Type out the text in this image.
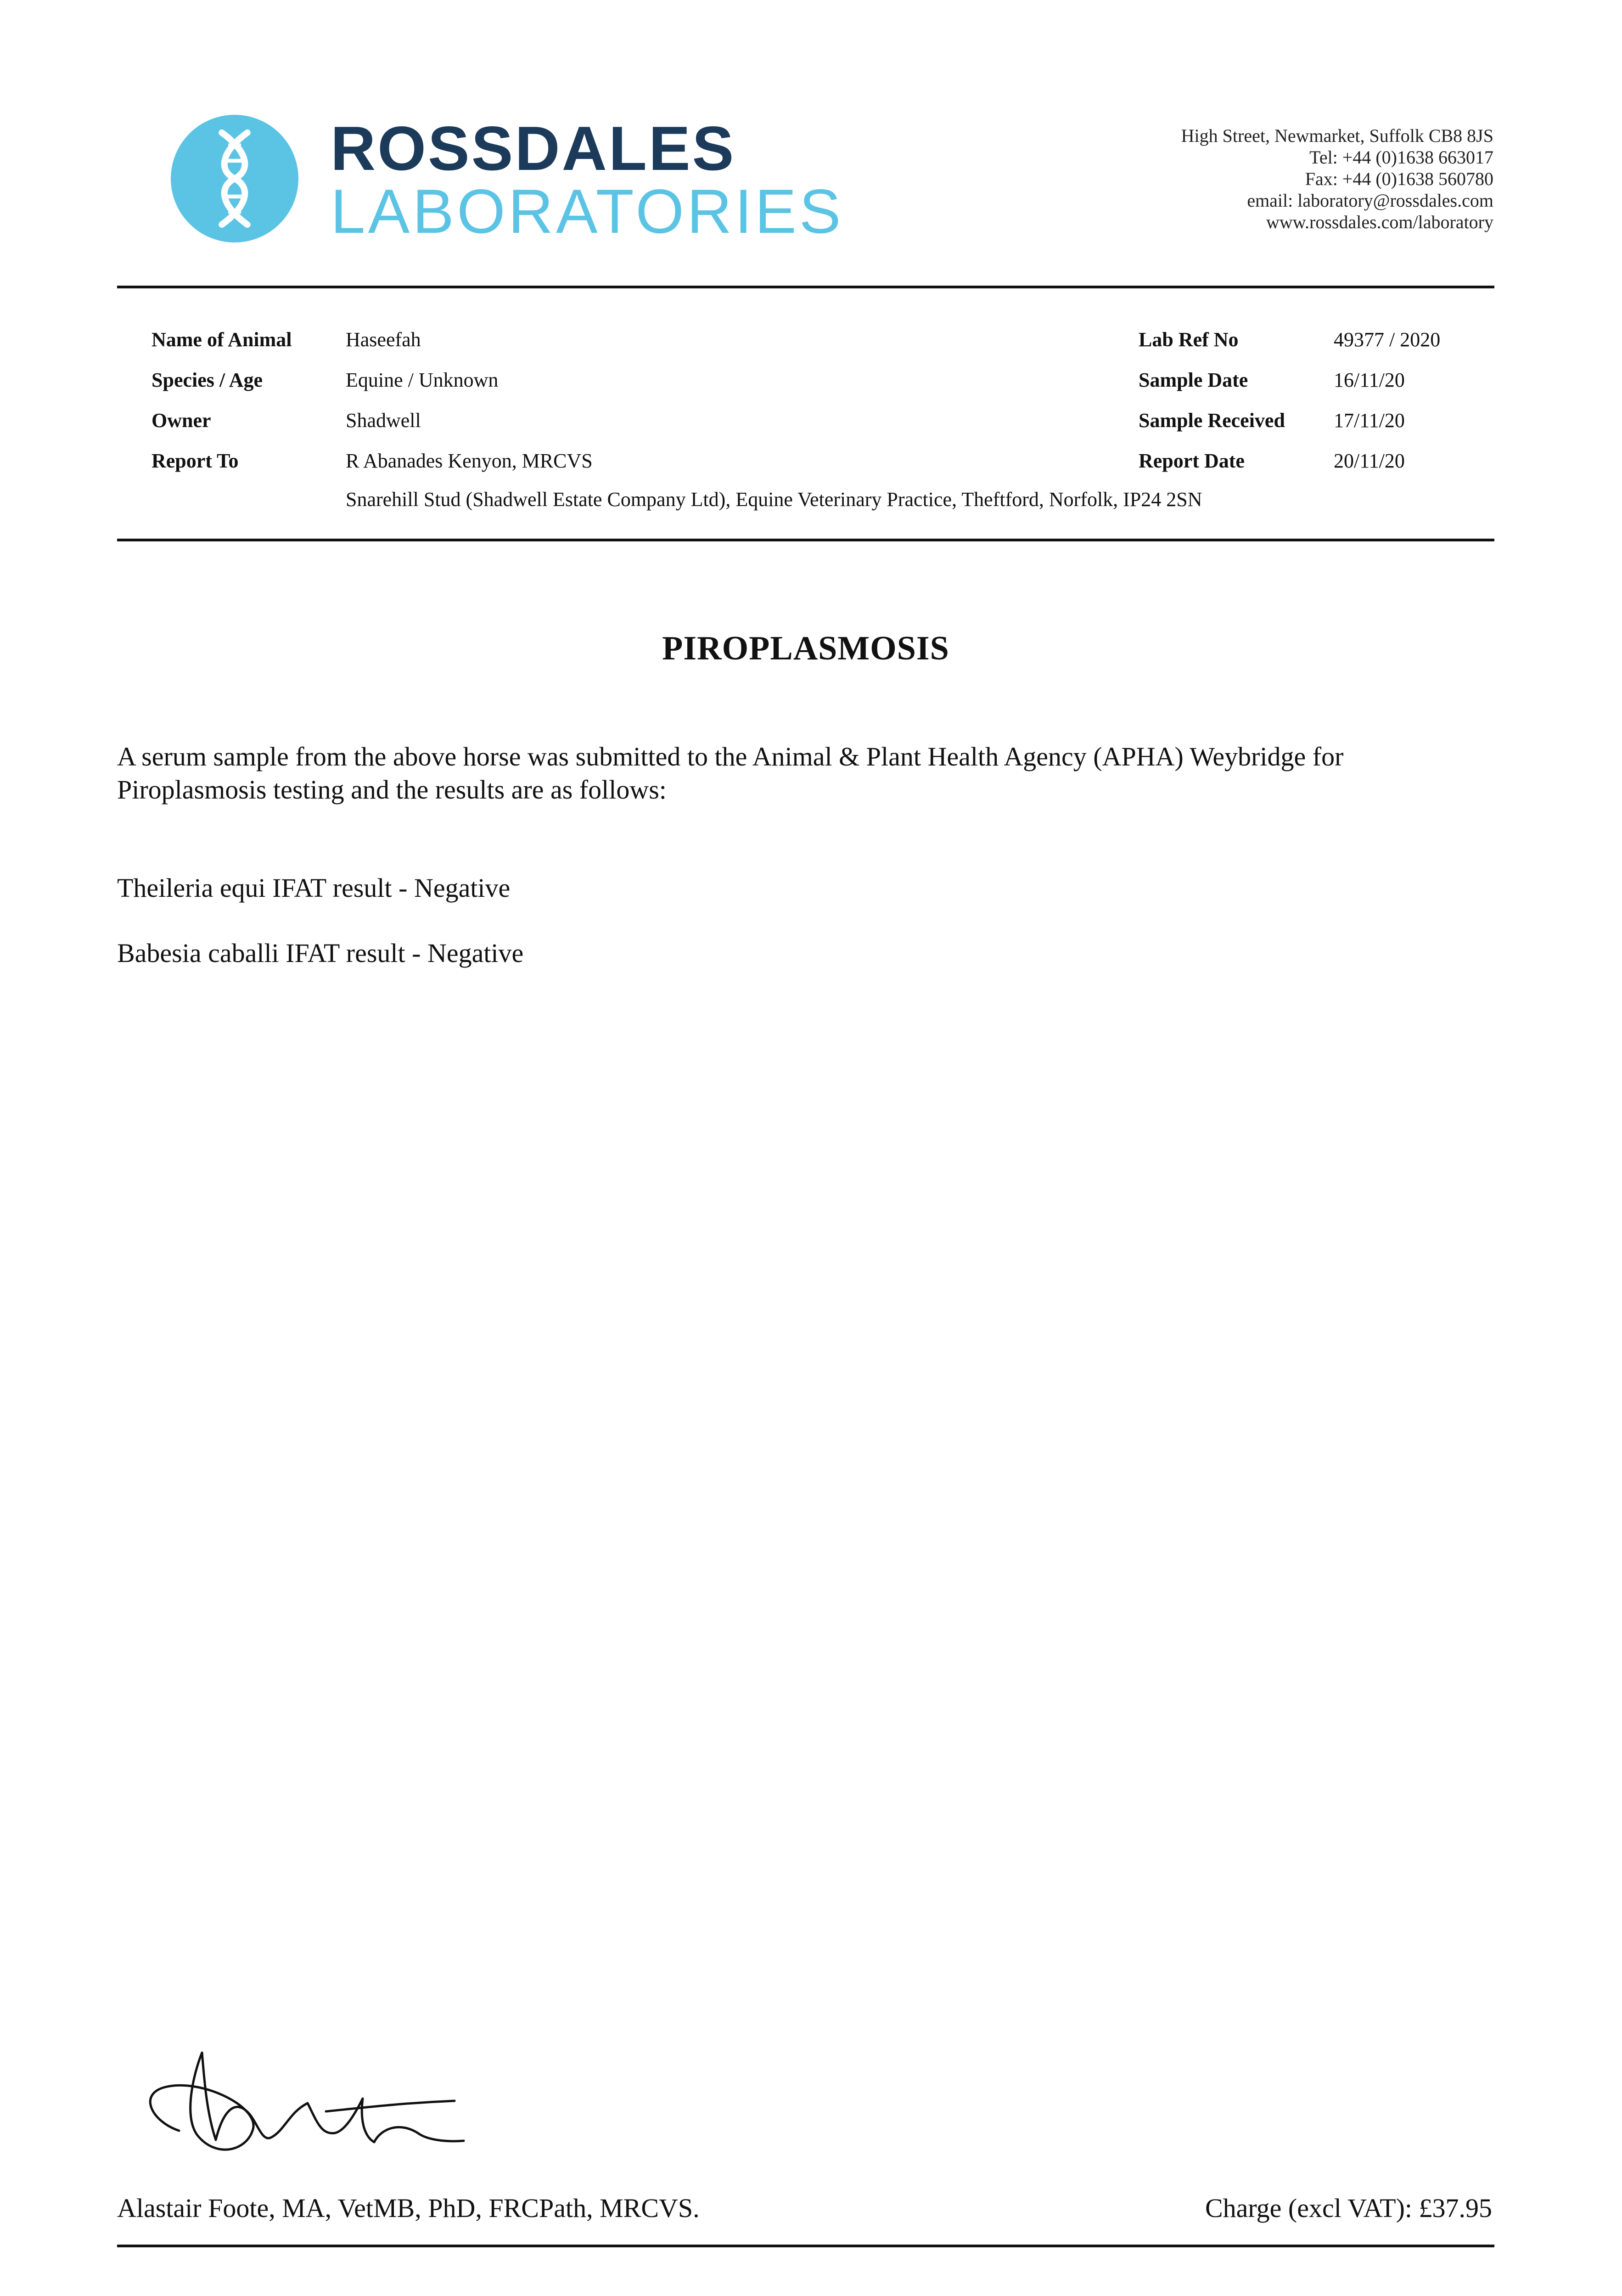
ROSSDALES
LABORATORIES
High Street, Newmarket, Suffolk CB8 8JS
Tel: +44 (0)1638 663017
Fax: +44 (0)1638 560780
email: laboratory@rossdales.com
www.rossdales.com/laboratory
Name of Animal	Haseefah
Species / Age	Equine / Unknown
Owner	Shadwell
Report To	R Abanades Kenyon, MRCVS
Snarehill Stud (Shadwell Estate Company Ltd), Equine Veterinary Practice, Theftford, Norfolk, IP24 2SN
Lab Ref No	49377 / 2020
Sample Date	16/11/20
Sample Received 17/11/20
Report Date	20/11/20
PIROPLASMOSIS
A serum sample from the above horse was submitted to the Animal & Plant Health Agency (APHA) Weybridge for Piroplasmosis testing and the results are as follows:
Theileria equi IFAT result - Negative
Babesia caballi IFAT result - Negative
Alastair Foote, MA, VetMB, PhD, FRCPath, MRCVS.	Charge (excl VAT): £37.95
